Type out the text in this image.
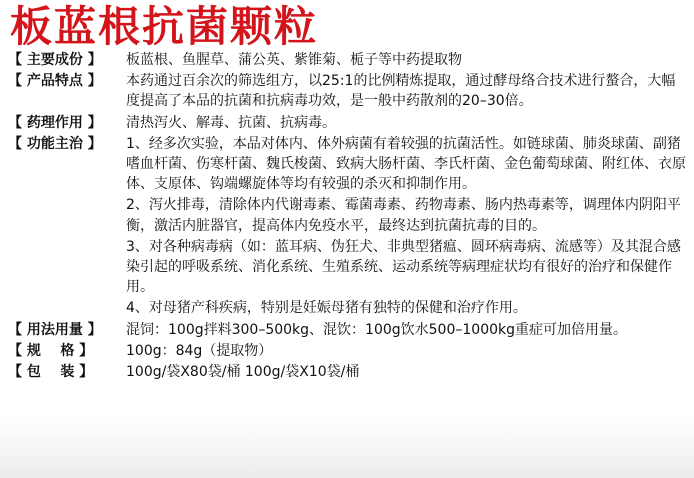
板蓝根抗菌颗粒
【 主要成份 】	板蓝根、鱼腥草、蒲公英、紫锥菊、栀子等中药提取物

【 产品特点 】	本药通过百余次的筛选组方，以25:1的比例精炼提取，通过酵母络合技术进行螯合，大幅度提高了本品的抗菌和抗病毒功效，是一般中药散剂的20–30倍。

【 药理作用 】	清热泻火、解毒、抗菌、抗病毒。

【 功能主治 】	1、经多次实验，本品对体内、体外病菌有着较强的抗菌活性。如链球菌、肺炎球菌、副猪嗜血杆菌、伤寒杆菌、魏氏梭菌、致病大肠杆菌、李氏杆菌、金色葡萄球菌、附红体、衣原体、支原体、钩端螺旋体等均有较强的杀灭和抑制作用。

2、泻火排毒，清除体内代谢毒素、霉菌毒素、药物毒素、肠内热毒素等，调理体内阴阳平衡，激活内脏器官，提高体内免疫水平，最终达到抗菌抗毒的目的。

3、对各种病毒病（如：蓝耳病、伪狂犬、非典型猪瘟、圆环病毒病、流感等）及其混合感染引起的呼吸系统、消化系统、生殖系统、运动系统等病理症状均有很好的治疗和保健作用。

4、对母猪产科疾病，特别是妊娠母猪有独特的保健和治疗作用。

【 用法用量 】	混饲：100g拌料300–500kg、混饮：100g饮水500–1000kg重症可加倍用量。

【 规    格 】	100g：84g（提取物）

【 包    装 】	100g/袋X80袋/桶 100g/袋X10袋/桶
